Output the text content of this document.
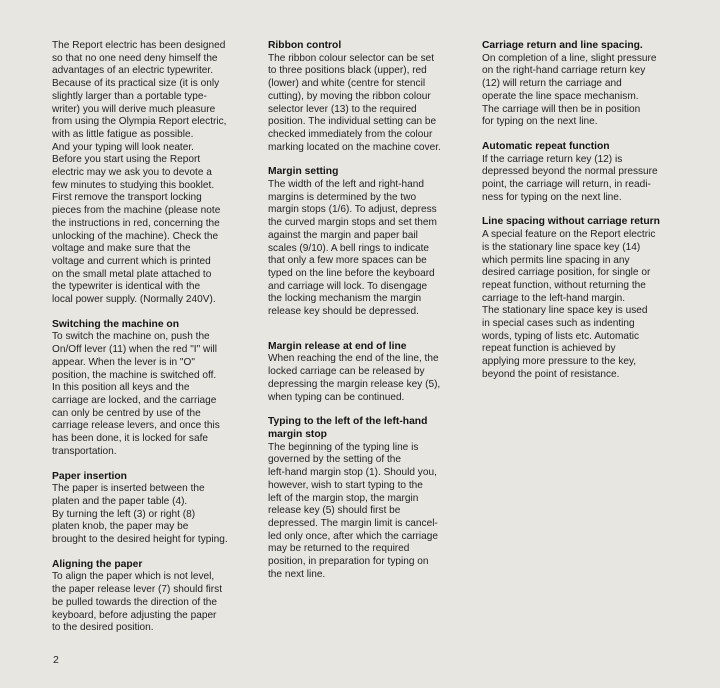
The Report electric has been designed
so that no one need deny himself the
advantages of an electric typewriter.
Because of its practical size (it is only
slightly larger than a portable type-
writer) you will derive much pleasure
from using the Olympia Report electric,
with as little fatigue as possible.
And your typing will look neater.
Before you start using the Report
electric may we ask you to devote a
few minutes to studying this booklet.
First remove the transport locking
pieces from the machine (please note
the instructions in red, concerning the
unlocking of the machine). Check the
voltage and make sure that the
voltage and current which is printed
on the small metal plate attached to
the typewriter is identical with the
local power supply. (Normally 240V).

Switching the machine on

To switch the machine on, push the
On/Off lever (11) when the red "I" will
appear. When the lever is in "O"
position, the machine is switched off.
In this position all keys and the
carriage are locked, and the carriage
can only be centred by use of the
carriage release levers, and once this
has been done, it is locked for safe
transportation.

Paper insertion

The paper is inserted between the
platen and the paper table (4).
By turning the left (3) or right (8)
platen knob, the paper may be
brought to the desired height for typing.

Aligning the paper

To align the paper which is not level,
the paper release lever (7) should first
be pulled towards the direction of the
keyboard, before adjusting the paper
to the desired position.

Ribbon control

The ribbon colour selector can be set
to three positions black (upper), red
(lower) and white (centre for stencil
cutting), by moving the ribbon colour
selector lever (13) to the required
position. The individual setting can be
checked immediately from the colour
marking located on the machine cover.

Margin setting

The width of the left and right-hand
margins is determined by the two
margin stops (1/6). To adjust, depress
the curved margin stops and set them
against the margin and paper bail
scales (9/10). A bell rings to indicate
that only a few more spaces can be
typed on the line before the keyboard
and carriage will lock. To disengage
the locking mechanism the margin
release key should be depressed.

Margin release at end of line

When reaching the end of the line, the
locked carriage can be released by
depressing the margin release key (5),
when typing can be continued.

Typing to the left of the left-hand
margin stop

The beginning of the typing line is
governed by the setting of the
left-hand margin stop (1). Should you,
however, wish to start typing to the
left of the margin stop, the margin
release key (5) should first be
depressed. The margin limit is cancel-
led only once, after which the carriage
may be returned to the required
position, in preparation for typing on
the next line.

Carriage return and line spacing.

On completion of a line, slight pressure
on the right-hand carriage return key
(12) will return the carriage and
operate the line space mechanism.
The carriage will then be in position
for typing on the next line.

Automatic repeat function

If the carriage return key (12) is
depressed beyond the normal pressure
point, the carriage will return, in readi-
ness for typing on the next line.

Line spacing without carriage return

A special feature on the Report electric
is the stationary line space key (14)
which permits line spacing in any
desired carriage position, for single or
repeat function, without returning the
carriage to the left-hand margin.
The stationary line space key is used
in special cases such as indenting
words, typing of lists etc. Automatic
repeat function is achieved by
applying more pressure to the key,
beyond the point of resistance.

2
